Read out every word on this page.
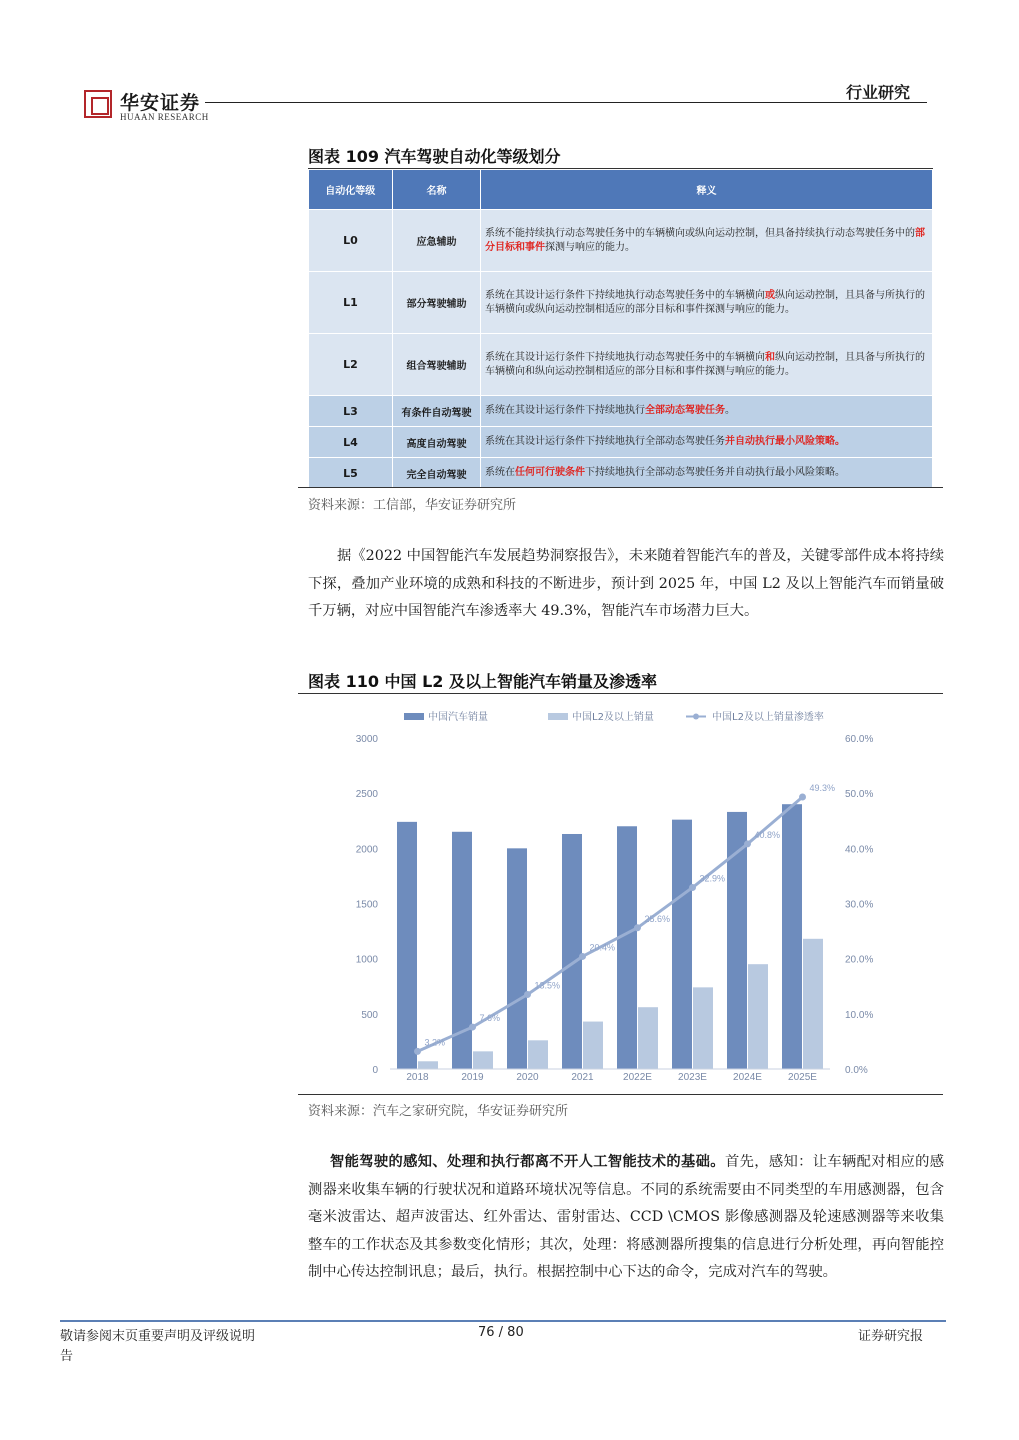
华安证券
HUAAN RESEARCH
行业研究
图表 109 汽车驾驶自动化等级划分
自动化等级	名称	释义
L0	应急辅助	系统不能持续执行动态驾驶任务中的车辆横向或纵向运动控制，但具备持续执行动态驾驶任务中的部分目标和事件探测与响应的能力。
L1	部分驾驶辅助	系统在其设计运行条件下持续地执行动态驾驶任务中的车辆横向或纵向运动控制，且具备与所执行的车辆横向或纵向运动控制相适应的部分目标和事件探测与响应的能力。
L2	组合驾驶辅助	系统在其设计运行条件下持续地执行动态驾驶任务中的车辆横向和纵向运动控制，且具备与所执行的车辆横向和纵向运动控制相适应的部分目标和事件探测与响应的能力。
L3	有条件自动驾驶	系统在其设计运行条件下持续地执行全部动态驾驶任务。
L4	高度自动驾驶	系统在其设计运行条件下持续地执行全部动态驾驶任务并自动执行最小风险策略。
L5	完全自动驾驶	系统在任何可行驶条件下持续地执行全部动态驾驶任务并自动执行最小风险策略。
资料来源：工信部，华安证券研究所
据《2022 中国智能汽车发展趋势洞察报告》，未来随着智能汽车的普及，关键零部件成本将持续下探，叠加产业环境的成熟和科技的不断进步，预计到 2025 年，中国 L2 及以上智能汽车而销量破千万辆，对应中国智能汽车渗透率大 49.3%，智能汽车市场潜力巨大。
图表 110 中国 L2 及以上智能汽车销量及渗透率
中国汽车销量	中国L2及以上销量	中国L2及以上销量渗透率
3.2%
7.6%
13.5%
20.4%
25.6%
32.9%
40.8%
49.3%
3000
2500
2000
1500
1000
500
0
60.0%
50.0%
40.0%
30.0%
20.0%
10.0%
0.0%
2018	2019	2020	2021	2022E	2023E	2024E	2025E
资料来源：汽车之家研究院，华安证券研究所
智能驾驶的感知、处理和执行都离不开人工智能技术的基础。首先，感知：让车辆配对相应的感测器来收集车辆的行驶状况和道路环境状况等信息。不同的系统需要由不同类型的车用感测器，包含毫米波雷达、超声波雷达、红外雷达、雷射雷达、CCD \CMOS 影像感测器及轮速感测器等来收集整车的工作状态及其参数变化情形；其次，处理：将感测器所搜集的信息进行分析处理，再向智能控制中心传达控制讯息；最后，执行。根据控制中心下达的命令，完成对汽车的驾驶。
敬请参阅末页重要声明及评级说明
告
76 / 80	证券研究报
